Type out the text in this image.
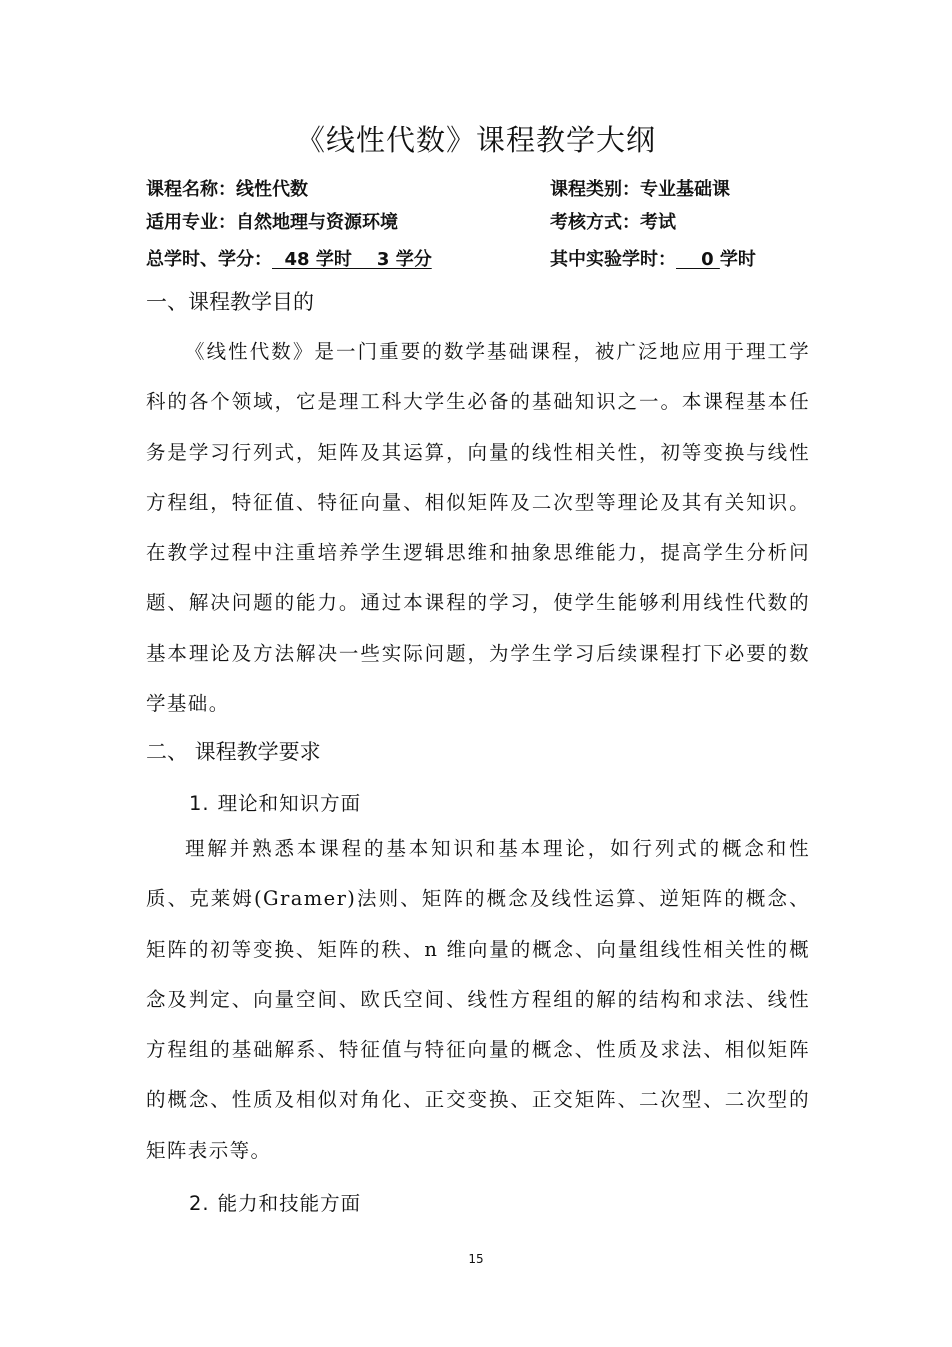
《线性代数》课程教学大纲
课程名称：线性代数	课程类别：专业基础课
适用专业：自然地理与资源环境	考核方式：考试
总学时、学分：  48 学时    3 学分	其中实验学时：    0 学时
一、课程教学目的

《线性代数》是一门重要的数学基础课程，被广泛地应用于理工学科的各个领域，它是理工科大学生必备的基础知识之一。本课程基本任务是学习行列式，矩阵及其运算，向量的线性相关性，初等变换与线性方程组，特征值、特征向量、相似矩阵及二次型等理论及其有关知识。在教学过程中注重培养学生逻辑思维和抽象思维能力，提高学生分析问题、解决问题的能力。通过本课程的学习，使学生能够利用线性代数的基本理论及方法解决一些实际问题，为学生学习后续课程打下必要的数学基础。

二、 课程教学要求
1. 理论和知识方面

理解并熟悉本课程的基本知识和基本理论，如行列式的概念和性质、克莱姆(Gramer)法则、矩阵的概念及线性运算、逆矩阵的概念、矩阵的初等变换、矩阵的秩、n 维向量的概念、向量组线性相关性的概念及判定、向量空间、欧氏空间、线性方程组的解的结构和求法、线性方程组的基础解系、特征值与特征向量的概念、性质及求法、相似矩阵的概念、性质及相似对角化、正交变换、正交矩阵、二次型、二次型的矩阵表示等。

2. 能力和技能方面
15
